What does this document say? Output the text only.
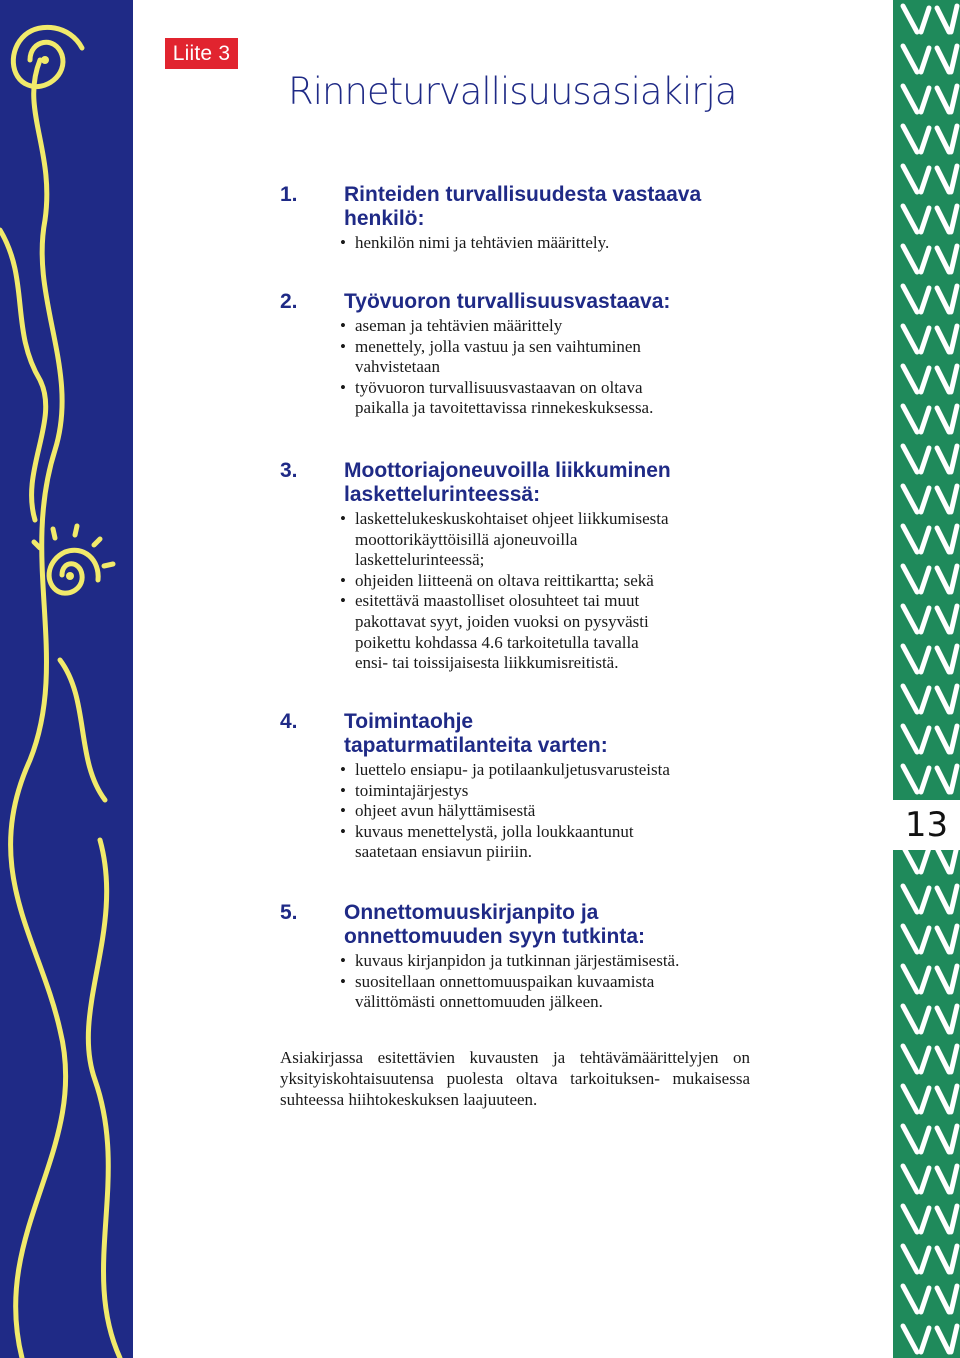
Liite 3
Rinneturvallisuusasiakirja
1. Rinteiden turvallisuudesta vastaava
henkilö:
• henkilön nimi ja tehtävien määrittely.
2. Työvuoron turvallisuusvastaava:
• aseman ja tehtävien määrittely
• menettely, jolla vastuu ja sen vaihtuminen
vahvistetaan
• työvuoron turvallisuusvastaavan on oltava
paikalla ja tavoitettavissa rinnekeskuksessa.
3. Moottoriajoneuvoilla liikkuminen
laskettelurinteessä:
• laskettelukeskuskohtaiset ohjeet liikkumisesta
moottorikäyttöisillä ajoneuvoilla
laskettelurinteessä;
• ohjeiden liitteenä on oltava reittikartta; sekä
• esitettävä maastolliset olosuhteet tai muut
pakottavat syyt, joiden vuoksi on pysyvästi
poikettu kohdassa 4.6 tarkoitetulla tavalla
ensi- tai toissijaisesta liikkumisreitistä.
4. Toimintaohje
tapaturmatilanteita varten:
• luettelo ensiapu- ja potilaankuljetusvarusteista
• toimintajärjestys
• ohjeet avun hälyttämisestä
• kuvaus menettelystä, jolla loukkaantunut
saatetaan ensiavun piiriin.
5. Onnettomuuskirjanpito ja
onnettomuuden syyn tutkinta:
• kuvaus kirjanpidon ja tutkinnan järjestämisestä.
• suositellaan onnettomuuspaikan kuvaamista
välittömästi onnettomuuden jälkeen.

Asiakirjassa esitettävien kuvausten ja tehtävämäärittelyjen on yksityiskohtaisuutensa puolesta oltava tarkoituksen- mukaisessa suhteessa hiihtokeskuksen laajuuteen.

13
